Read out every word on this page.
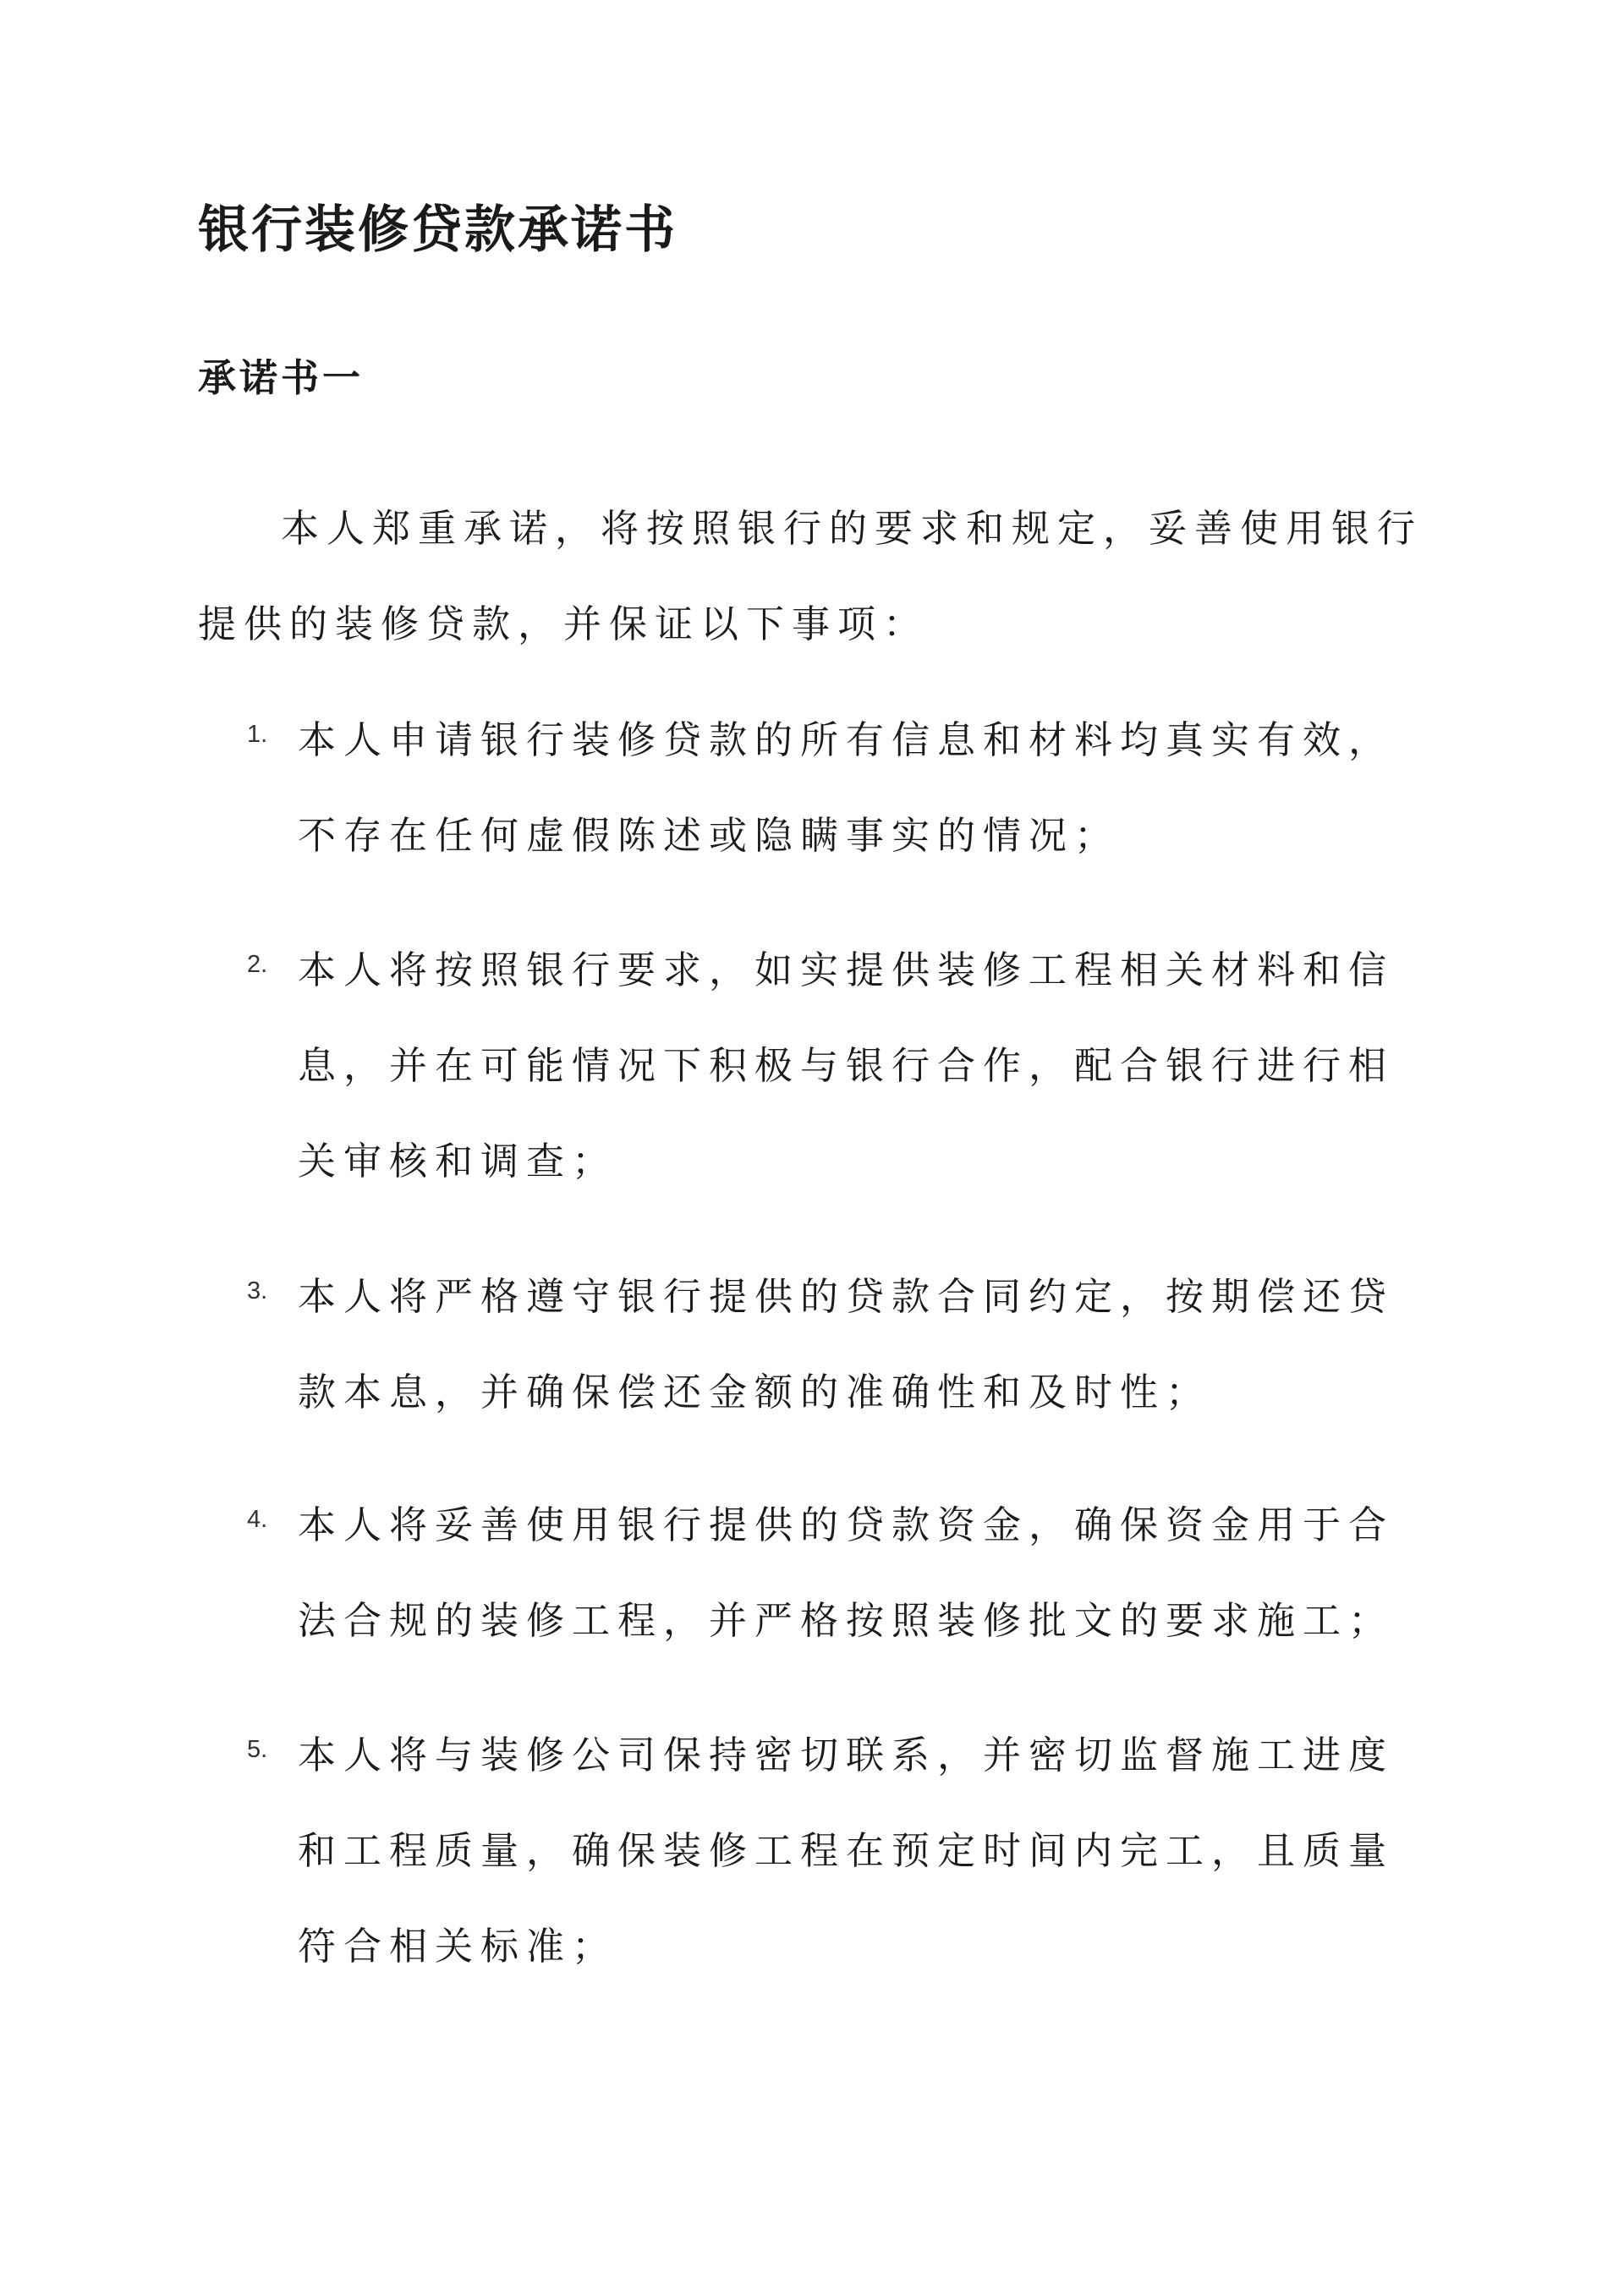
银行装修贷款承诺书
承诺书一

本人郑重承诺，将按照银行的要求和规定，妥善使用银行提供的装修贷款，并保证以下事项：

1. 本人申请银行装修贷款的所有信息和材料均真实有效，不存在任何虚假陈述或隐瞒事实的情况；

2. 本人将按照银行要求，如实提供装修工程相关材料和信息，并在可能情况下积极与银行合作，配合银行进行相关审核和调查；

3. 本人将严格遵守银行提供的贷款合同约定，按期偿还贷款本息，并确保偿还金额的准确性和及时性；

4. 本人将妥善使用银行提供的贷款资金，确保资金用于合法合规的装修工程，并严格按照装修批文的要求施工；

5. 本人将与装修公司保持密切联系，并密切监督施工进度和工程质量，确保装修工程在预定时间内完工，且质量符合相关标准；
